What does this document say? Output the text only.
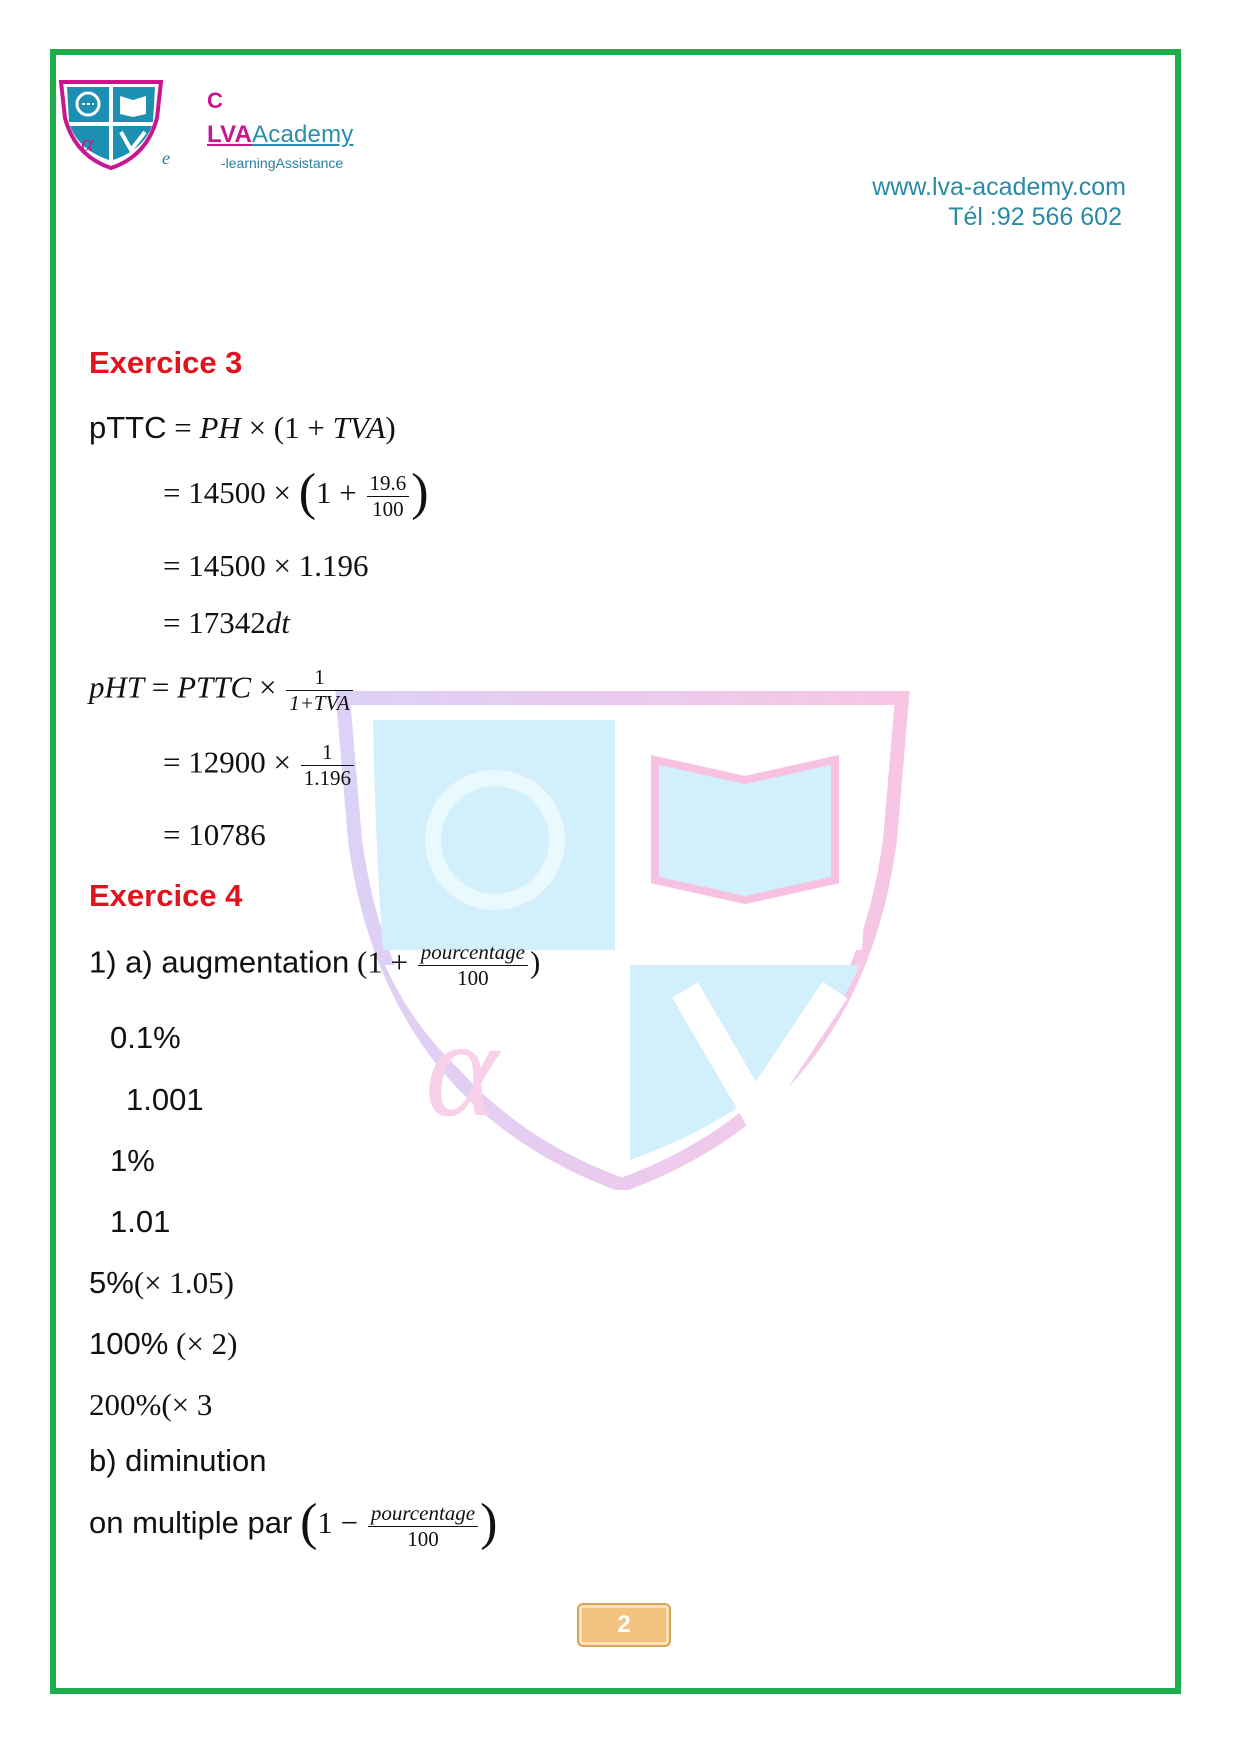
α
C
LVAAcademy
e	-learningAssistance
www.lva-academy.com

Tél :92 566 602
α
Exercice 3
pTTC = PH × (1 + TVA)
= $14500 \times (1 + \frac{19.6}{100}$ )
= 14500 × 1.196
= 17342dt
pHT = PTTC × $\frac{1}{\text{1+TVA}}$
= $12900 \times \frac{1}{1.196}$
= 10786
Exercice 4
1) a) augmentation ($1 + \frac{\text{pourcentage}}{100}$ )
0.1%
1.001
1%
1.01
5%(× 1.05)
100% (× 2)
200%(× 3
b) diminution
on multiple par ($1 - \frac{\text{pourcentage}}{100}$ )
2
